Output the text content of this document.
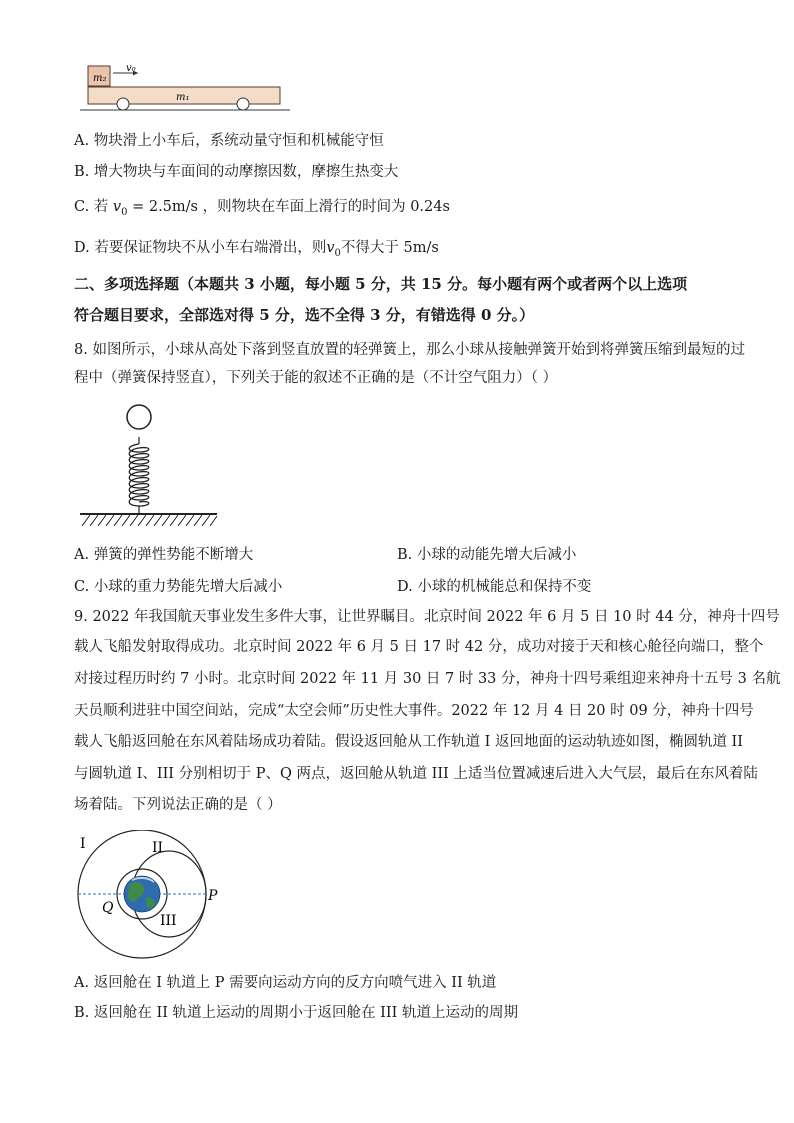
m₂
v₀
m₁
A. 物块滑上小车后，系统动量守恒和机械能守恒
B. 增大物块与车面间的动摩擦因数，摩擦生热变大
C. 若 $v_0 = 2.5m/s$ ，则物块在车面上滑行的时间为 0.24s
D. 若要保证物块不从小车右端滑出，则$v_0$不得大于 5m/s
二、多项选择题（本题共 3 小题，每小题 5 分，共 15 分。每小题有两个或者两个以上选项
符合题目要求，全部选对得 5 分，选不全得 3 分，有错选得 0 分。）
8. 如图所示，小球从高处下落到竖直放置的轻弹簧上，那么小球从接触弹簧开始到将弹簧压缩到最短的过
程中（弹簧保持竖直），下列关于能的叙述不正确的是（不计空气阻力）（ ）
A. 弹簧的弹性势能不断增大	B. 小球的动能先增大后减小
C. 小球的重力势能先增大后减小	D. 小球的机械能总和保持不变
9. 2022 年我国航天事业发生多件大事，让世界瞩目。北京时间 2022 年 6 月 5 日 10 时 44 分，神舟十四号
载人飞船发射取得成功。北京时间 2022 年 6 月 5 日 17 时 42 分，成功对接于天和核心舱径向端口，整个
对接过程历时约 7 小时。北京时间 2022 年 11 月 30 日 7 时 33 分，神舟十四号乘组迎来神舟十五号 3 名航
天员顺利进驻中国空间站，完成“太空会师”历史性大事件。2022 年 12 月 4 日 20 时 09 分，神舟十四号
载人飞船返回舱在东风着陆场成功着陆。假设返回舱从工作轨道 I 返回地面的运动轨迹如图，椭圆轨道 II
与圆轨道 I、III 分别相切于 P、Q 两点，返回舱从轨道 III 上适当位置减速后进入大气层，最后在东风着陆
场着陆。下列说法正确的是（ ）
I	II
III
P
Q
A. 返回舱在 I 轨道上 P 需要向运动方向的反方向喷气进入 II 轨道
B. 返回舱在 II 轨道上运动的周期小于返回舱在 III 轨道上运动的周期
